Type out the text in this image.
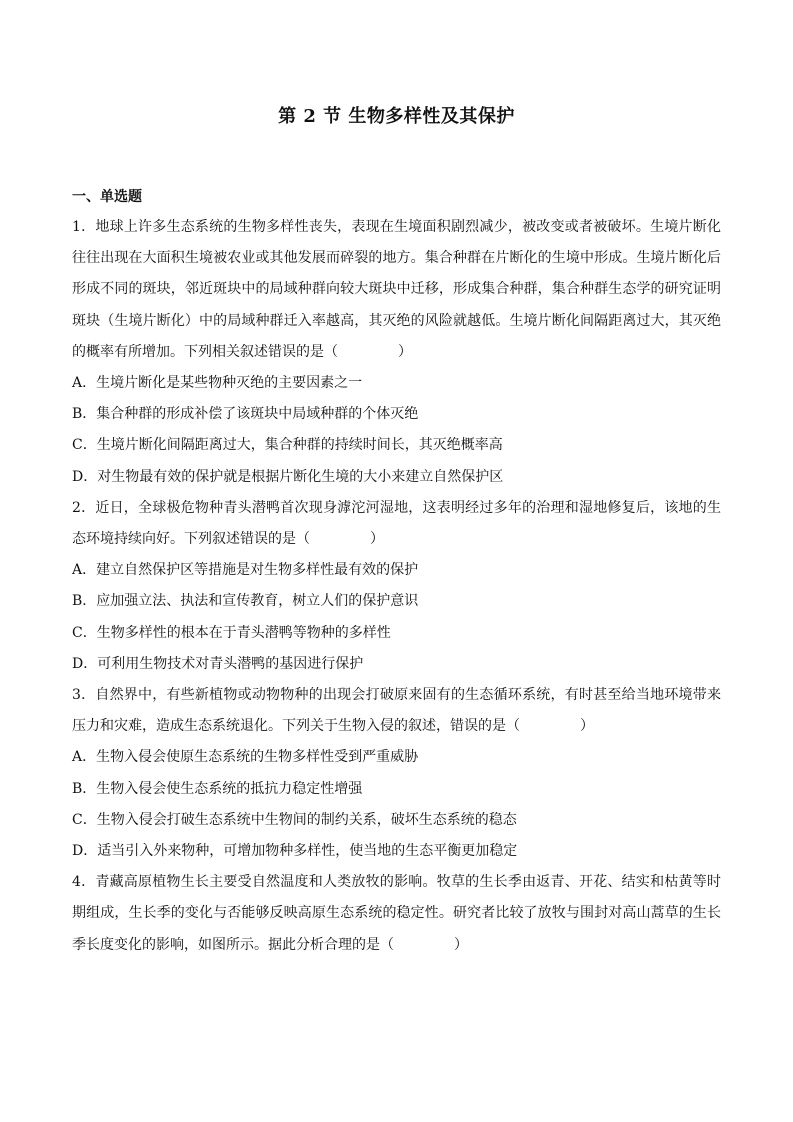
第 2 节 生物多样性及其保护
一、单选题

1．地球上许多生态系统的生物多样性丧失，表现在生境面积剧烈减少，被改变或者被破坏。生境片断化往往出现在大面积生境被农业或其他发展而碎裂的地方。集合种群在片断化的生境中形成。生境片断化后形成不同的斑块，邻近斑块中的局域种群向较大斑块中迁移，形成集合种群，集合种群生态学的研究证明斑块（生境片断化）中的局域种群迁入率越高，其灭绝的风险就越低。生境片断化间隔距离过大，其灭绝的概率有所增加。下列相关叙述错误的是（	）

A．生境片断化是某些物种灭绝的主要因素之一

B．集合种群的形成补偿了该斑块中局域种群的个体灭绝

C．生境片断化间隔距离过大，集合种群的持续时间长，其灭绝概率高

D．对生物最有效的保护就是根据片断化生境的大小来建立自然保护区

2．近日，全球极危物种青头潜鸭首次现身滹沱河湿地，这表明经过多年的治理和湿地修复后，该地的生态环境持续向好。下列叙述错误的是（	）

A．建立自然保护区等措施是对生物多样性最有效的保护

B．应加强立法、执法和宣传教育，树立人们的保护意识

C．生物多样性的根本在于青头潜鸭等物种的多样性

D．可利用生物技术对青头潜鸭的基因进行保护

3．自然界中，有些新植物或动物物种的出现会打破原来固有的生态循环系统，有时甚至给当地环境带来压力和灾难，造成生态系统退化。下列关于生物入侵的叙述，错误的是（	）

A．生物入侵会使原生态系统的生物多样性受到严重威胁

B．生物入侵会使生态系统的抵抗力稳定性增强

C．生物入侵会打破生态系统中生物间的制约关系，破坏生态系统的稳态

D．适当引入外来物种，可增加物种多样性，使当地的生态平衡更加稳定

4．青藏高原植物生长主要受自然温度和人类放牧的影响。牧草的生长季由返青、开花、结实和枯黄等时期组成，生长季的变化与否能够反映高原生态系统的稳定性。研究者比较了放牧与围封对高山蒿草的生长季长度变化的影响，如图所示。据此分析合理的是（	）
